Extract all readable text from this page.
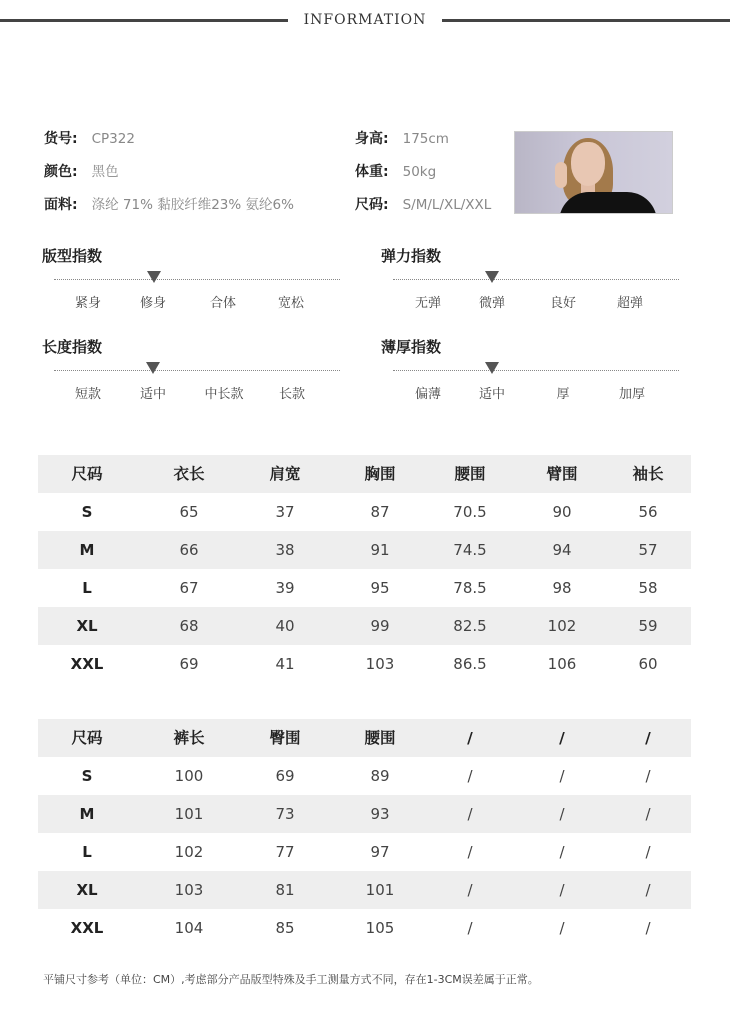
INFORMATION
货号: CP322
颜色: 黑色
面料: 涤纶 71% 黏胶纤维23% 氨纶6%
身高: 175cm
体重: 50kg
尺码: S/M/L/XL/XXL
版型指数
紧身	修身	合体	宽松
弹力指数
无弹	微弹	良好	超弹
长度指数
短款	适中	中长款	长款
薄厚指数
偏薄	适中	厚	加厚
尺码	衣长	肩宽	胸围	腰围	臂围	袖长
S	65	37	87	70.5	90	56
M	66	38	91	74.5	94	57
L	67	39	95	78.5	98	58
XL	68	40	99	82.5	102	59
XXL	69	41	103	86.5	106	60
尺码	裤长	臀围	腰围	/	/	/
S	100	69	89	/	/	/
M	101	73	93	/	/	/
L	102	77	97	/	/	/
XL	103	81	101	/	/	/
XXL	104	85	105	/	/	/
平铺尺寸参考（单位：CM）,考虑部分产品版型特殊及手工测量方式不同，存在1-3CM误差属于正常。
